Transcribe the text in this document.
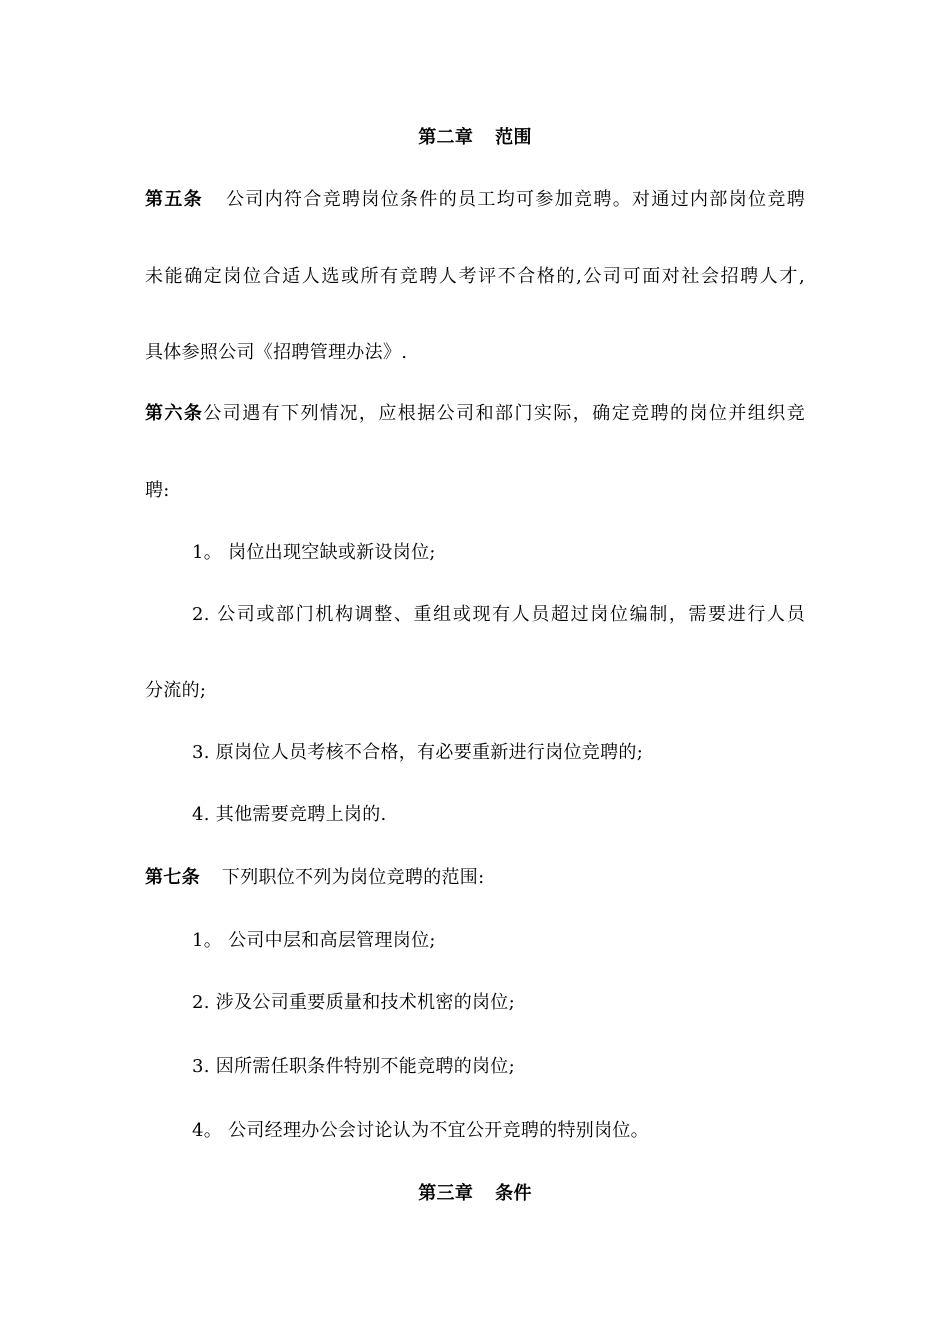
第二章 范围
第五条 公司内符合竞聘岗位条件的员工均可参加竞聘。对通过内部岗位竞聘
未能确定岗位合适人选或所有竞聘人考评不合格的,公司可面对社会招聘人才,
具体参照公司《招聘管理办法》.
第六条公司遇有下列情况，应根据公司和部门实际，确定竞聘的岗位并组织竞
聘:
1。 岗位出现空缺或新设岗位;
2. 公司或部门机构调整、重组或现有人员超过岗位编制，需要进行人员
分流的;
3. 原岗位人员考核不合格，有必要重新进行岗位竞聘的;
4. 其他需要竞聘上岗的.
第七条 下列职位不列为岗位竞聘的范围:
1。 公司中层和高层管理岗位;
2. 涉及公司重要质量和技术机密的岗位;
3. 因所需任职条件特别不能竞聘的岗位;
4。 公司经理办公会讨论认为不宜公开竞聘的特别岗位。
第三章 条件
